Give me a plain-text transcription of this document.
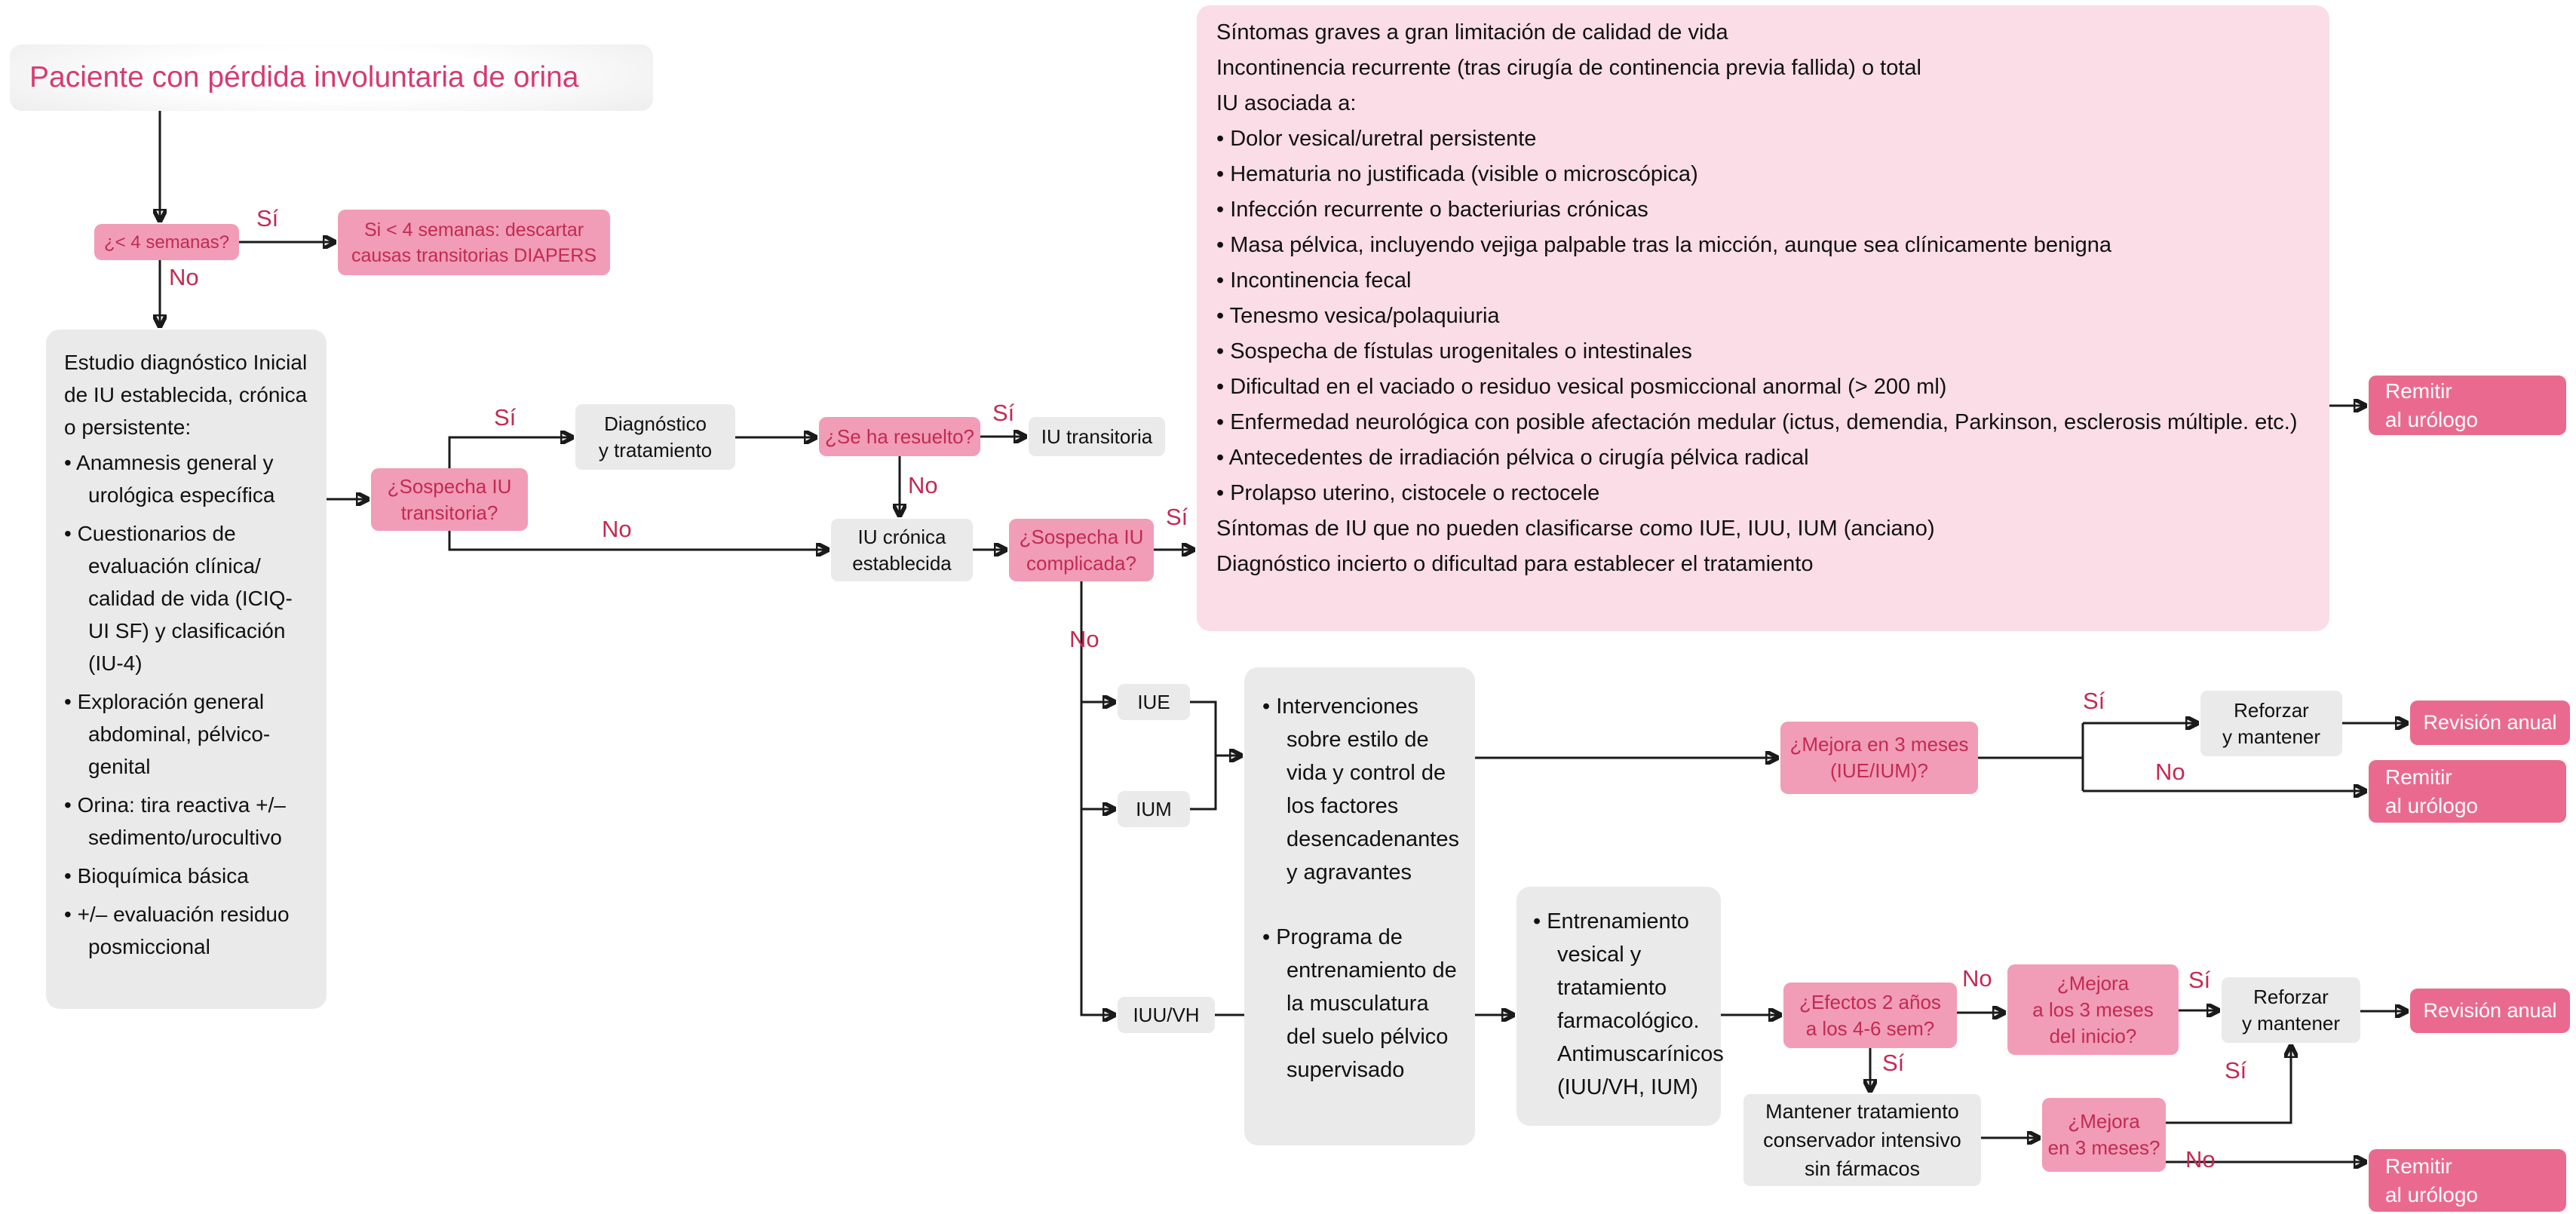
Paciente con pérdida involuntaria de orina
¿< 4 semanas?
Si < 4 semanas: descartar
causas transitorias DIAPERS
Estudio diagnóstico Inicial de IU establecida, crónica o persistente:
• Anamnesis general y urológica específica
• Cuestionarios de evaluación clínica/ calidad de vida (ICIQ-UI SF) y clasificación (IU-4)
• Exploración general abdominal, pélvico-genital
• Orina: tira reactiva +/– sedimento/urocultivo
• Bioquímica básica
• +/– evaluación residuo posmiccional
¿Sospecha IU
transitoria?
Diagnóstico
y tratamiento
¿Se ha resuelto?	IU transitoria
IU crónica
establecida
¿Sospecha IU
complicada?
Síntomas graves a gran limitación de calidad de vida
Incontinencia recurrente (tras cirugía de continencia previa fallida) o total
IU asociada a:
• Dolor vesical/uretral persistente
• Hematuria no justificada (visible o microscópica)
• Infección recurrente o bacteriurias crónicas
• Masa pélvica, incluyendo vejiga palpable tras la micción, aunque sea clínicamente benigna
• Incontinencia fecal
• Tenesmo vesica/polaquiuria
• Sospecha de fístulas urogenitales o intestinales
• Dificultad en el vaciado o residuo vesical posmiccional anormal (> 200 ml)
• Enfermedad neurológica con posible afectación medular (ictus, demendia, Parkinson, esclerosis múltiple. etc.)
• Antecedentes de irradiación pélvica o cirugía pélvica radical
• Prolapso uterino, cistocele o rectocele
Síntomas de IU que no pueden clasificarse como IUE, IUU, IUM (anciano)
Diagnóstico incierto o dificultad para establecer el tratamiento
Remitir
al urólogo
IUE
IUM
IUU/VH
• Intervenciones sobre estilo de vida y control de los factores desencadenantes y agravantes
• Programa de entrenamiento de la musculatura del suelo pélvico supervisado
¿Mejora en 3 meses
(IUE/IUM)?
Reforzar
y mantener
Revisión anual
Remitir
al urólogo
• Entrenamiento vesical y tratamiento farmacológico. Antimuscarínicos (IUU/VH, IUM)
¿Efectos 2 años
a los 4-6 sem?
¿Mejora
a los 3 meses
del inicio?
Reforzar
y mantener
Revisión anual
Mantener tratamiento
conservador intensivo
sin fármacos
¿Mejora
en 3 meses?
Remitir
al urólogo
Sí
No
Sí
No
Sí
No
Sí
No
Sí
No
No	Sí
Sí	Sí
No
